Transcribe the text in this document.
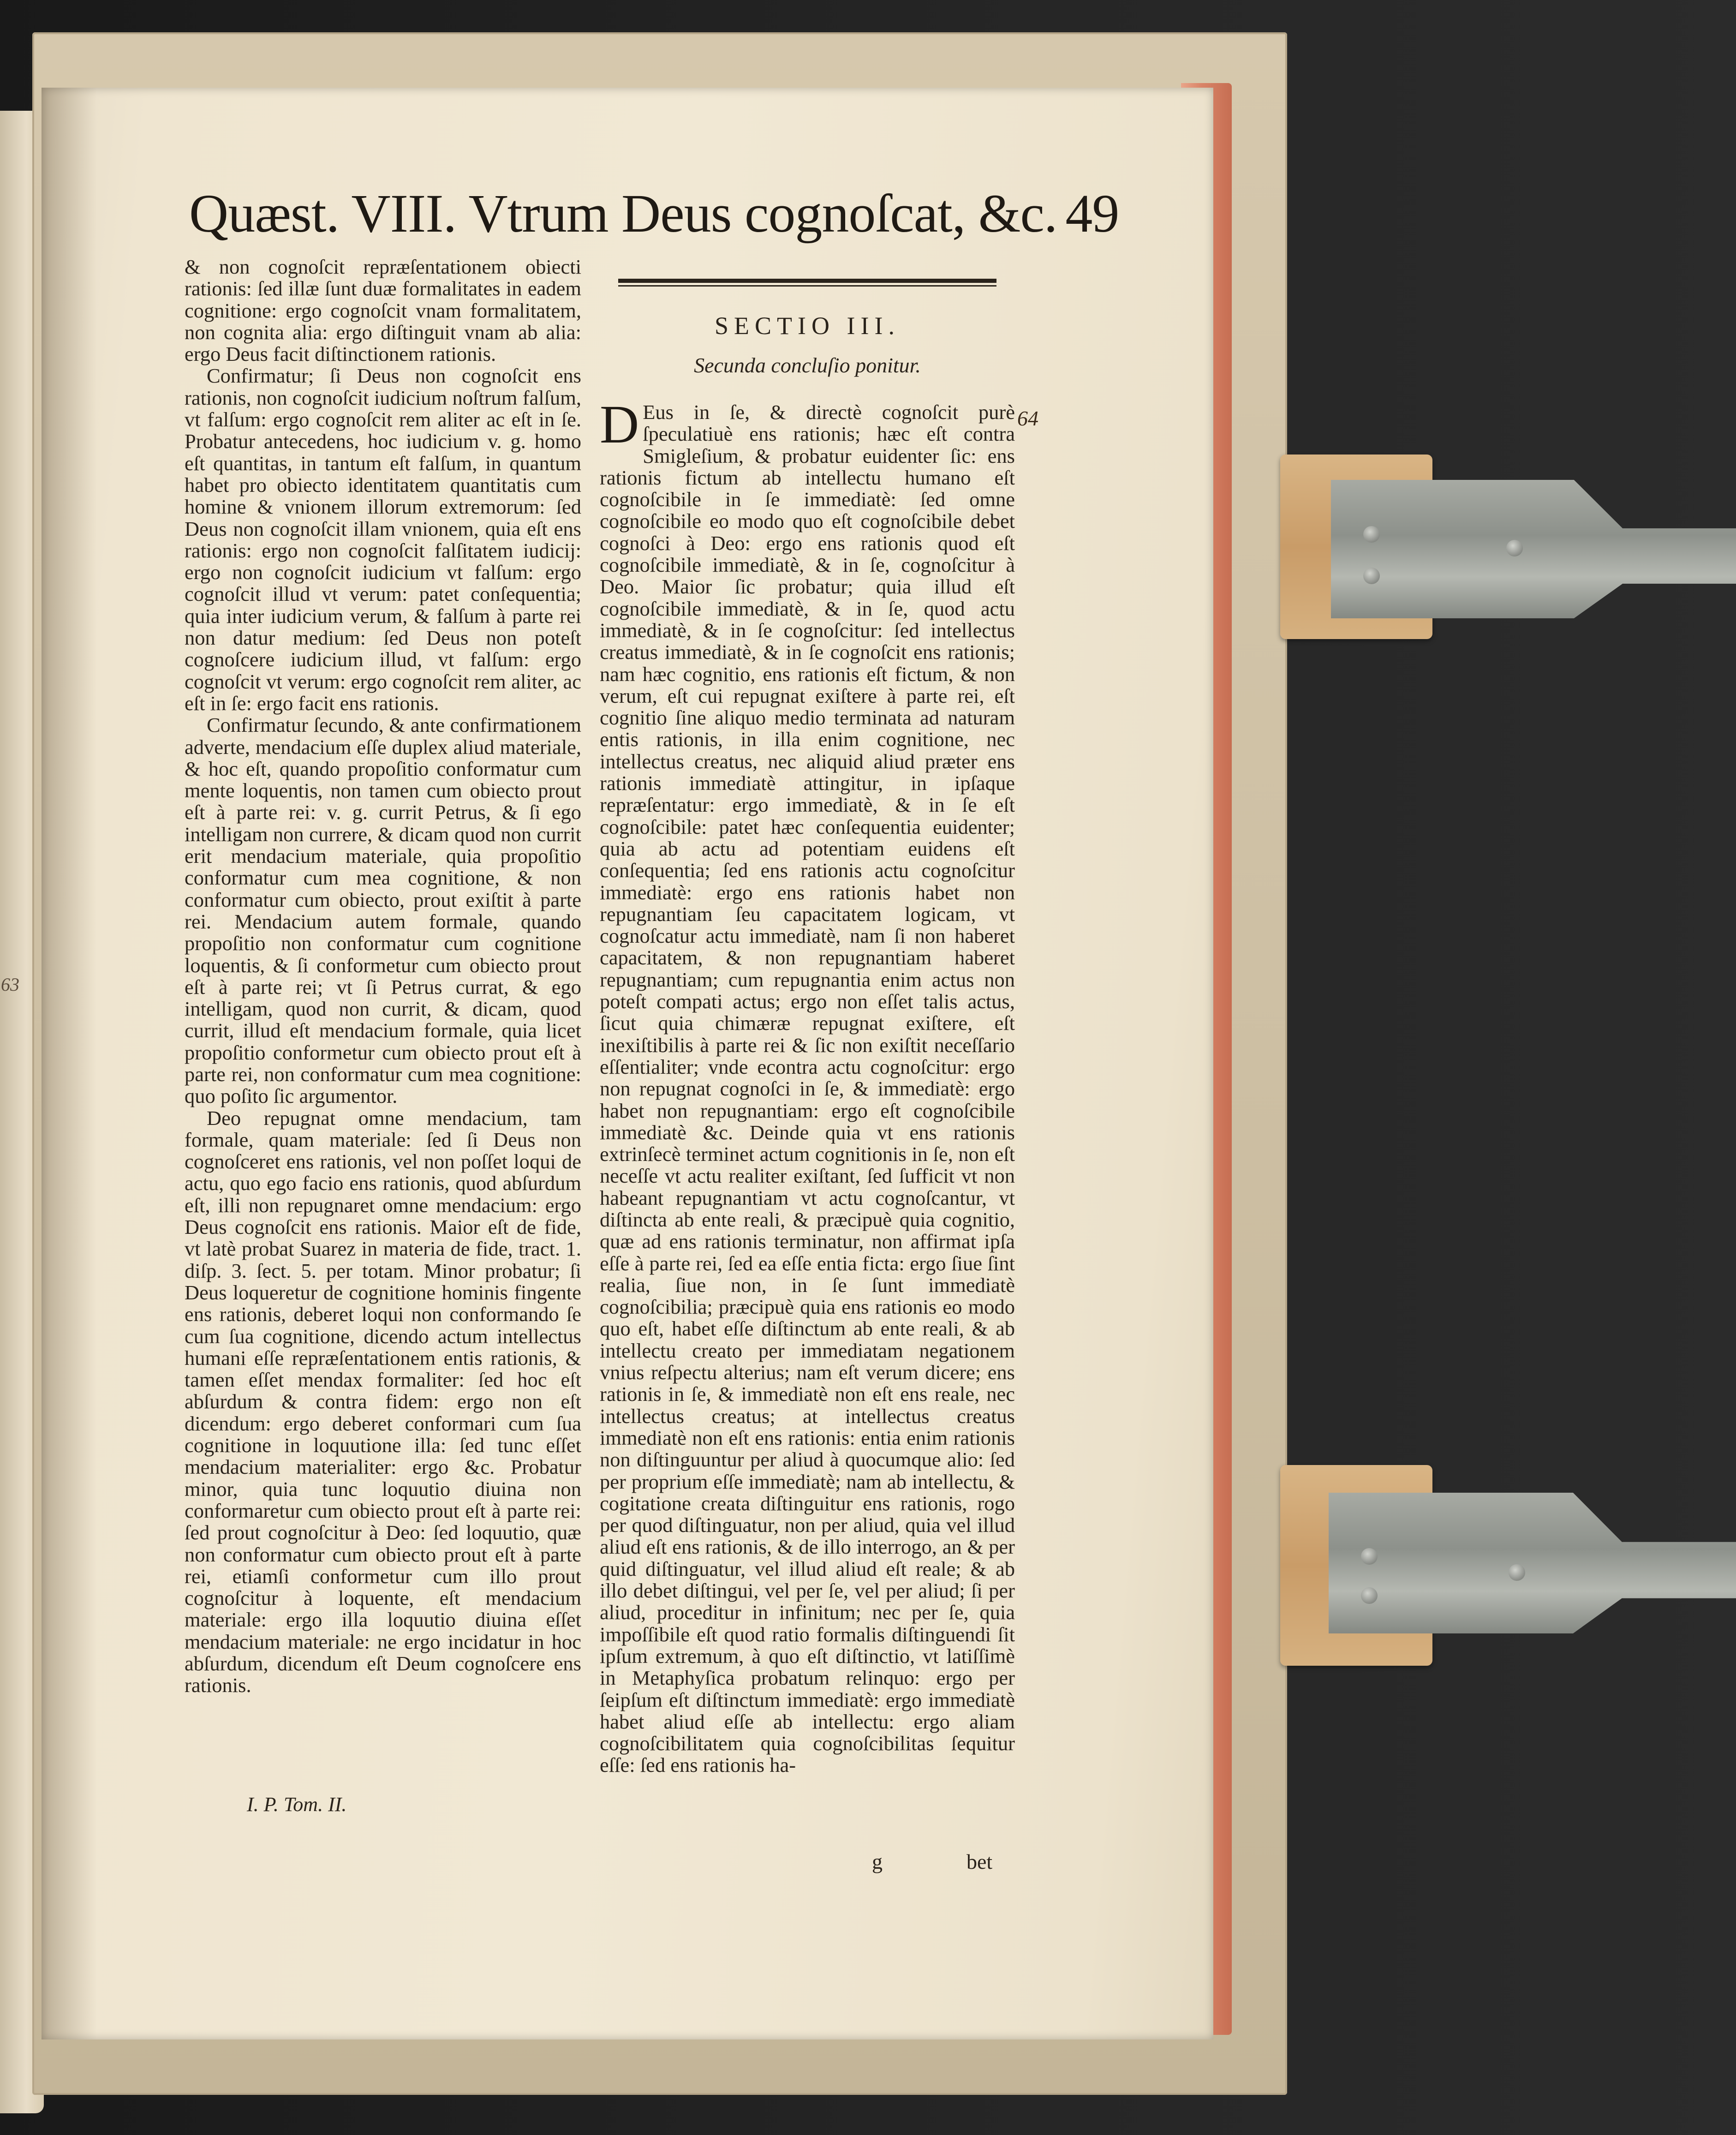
63
Quæst. VIII. Vtrum Deus cognoſcat, &c. 49

& non cognoſcit repræſentationem obiecti rationis: ſed illæ ſunt duæ formalitates in eadem cognitione: ergo cognoſcit vnam formalitatem, non cognita alia: ergo diſtinguit vnam ab alia: ergo Deus facit diſtinctionem rationis.

Confirmatur; ſi Deus non cognoſcit ens rationis, non cognoſcit iudicium noſtrum falſum, vt falſum: ergo cognoſcit rem aliter ac eſt in ſe. Probatur antecedens, hoc iudicium v. g. homo eſt quantitas, in tantum eſt falſum, in quantum habet pro obiecto identitatem quantitatis cum homine & vnionem illorum extremorum: ſed Deus non cognoſcit illam vnionem, quia eſt ens rationis: ergo non cognoſcit falſitatem iudicij: ergo non cognoſcit iudicium vt falſum: ergo cognoſcit illud vt verum: patet conſequentia; quia inter iudicium verum, & falſum à parte rei non datur medium: ſed Deus non poteſt cognoſcere iudicium illud, vt falſum: ergo cognoſcit vt verum: ergo cognoſcit rem aliter, ac eſt in ſe: ergo facit ens rationis.

Confirmatur ſecundo, & ante confirmationem adverte, mendacium eſſe duplex aliud materiale, & hoc eſt, quando propoſitio conformatur cum mente loquentis, non tamen cum obiecto prout eſt à parte rei: v. g. currit Petrus, & ſi ego intelligam non currere, & dicam quod non currit erit mendacium materiale, quia propoſitio conformatur cum mea cognitione, & non conformatur cum obiecto, prout exiſtit à parte rei. Mendacium autem formale, quando propoſitio non conformatur cum cognitione loquentis, & ſi conformetur cum obiecto prout eſt à parte rei; vt ſi Petrus currat, & ego intelligam, quod non currit, & dicam, quod currit, illud eſt mendacium formale, quia licet propoſitio conformetur cum obiecto prout eſt à parte rei, non conformatur cum mea cognitione: quo poſito ſic argumentor.

Deo repugnat omne mendacium, tam formale, quam materiale: ſed ſi Deus non cognoſceret ens rationis, vel non poſſet loqui de actu, quo ego facio ens rationis, quod abſurdum eſt, illi non repugnaret omne mendacium: ergo Deus cognoſcit ens rationis. Maior eſt de fide, vt latè probat Suarez in materia de fide, tract. 1. diſp. 3. ſect. 5. per totam. Minor probatur; ſi Deus loqueretur de cognitione hominis fingente ens rationis, deberet loqui non conformando ſe cum ſua cognitione, dicendo actum intellectus humani eſſe repræſentationem entis rationis, & tamen eſſet mendax formaliter: ſed hoc eſt abſurdum & contra fidem: ergo non eſt dicendum: ergo deberet conformari cum ſua cognitione in loquutione illa: ſed tunc eſſet mendacium materialiter: ergo &c. Probatur minor, quia tunc loquutio diuina non conformaretur cum obiecto prout eſt à parte rei: ſed prout cognoſcitur à Deo: ſed loquutio, quæ non conformatur cum obiecto prout eſt à parte rei, etiamſi conformetur cum illo prout cognoſcitur à loquente, eſt mendacium materiale: ergo illa loquutio diuina eſſet mendacium materiale: ne ergo incidatur in hoc abſurdum, dicendum eſt Deum cognoſcere ens rationis.

SECTIO III.
Secunda concluſio ponitur.

D Eus in ſe, & directè cognoſcit purè ſpeculatiuè ens rationis; hæc eſt contra Smigleſium, & probatur euidenter ſic: ens rationis fictum ab intellectu humano eſt cognoſcibile in ſe immediatè: ſed omne cognoſcibile eo modo quo eſt cognoſcibile debet cognoſci à Deo: ergo ens rationis quod eſt cognoſcibile immediatè, & in ſe, cognoſcitur à Deo. Maior ſic probatur; quia illud eſt cognoſcibile immediatè, & in ſe, quod actu immediatè, & in ſe cognoſcitur: ſed intellectus creatus immediatè, & in ſe cognoſcit ens rationis; nam hæc cognitio, ens rationis eſt fictum, & non verum, eſt cui repugnat exiſtere à parte rei, eſt cognitio ſine aliquo medio terminata ad naturam entis rationis, in illa enim cognitione, nec intellectus creatus, nec aliquid aliud præter ens rationis immediatè attingitur, in ipſaque repræſentatur: ergo immediatè, & in ſe eſt cognoſcibile: patet hæc conſequentia euidenter; quia ab actu ad potentiam euidens eſt conſequentia; ſed ens rationis actu cognoſcitur immediatè: ergo ens rationis habet non repugnantiam ſeu capacitatem logicam, vt cognoſcatur actu immediatè, nam ſi non haberet capacitatem, & non repugnantiam haberet repugnantiam; cum repugnantia enim actus non poteſt compati actus; ergo non eſſet talis actus, ſicut quia chimæræ repugnat exiſtere, eſt inexiſtibilis à parte rei & ſic non exiſtit neceſſario eſſentialiter; vnde econtra actu cognoſcitur: ergo non repugnat cognoſci in ſe, & immediatè: ergo habet non repugnantiam: ergo eſt cognoſcibile immediatè &c. Deinde quia vt ens rationis extrinſecè terminet actum cognitionis in ſe, non eſt neceſſe vt actu realiter exiſtant, ſed ſufficit vt non habeant repugnantiam vt actu cognoſcantur, vt diſtincta ab ente reali, & præcipuè quia cognitio, quæ ad ens rationis terminatur, non affirmat ipſa eſſe à parte rei, ſed ea eſſe entia ficta: ergo ſiue ſint realia, ſiue non, in ſe ſunt immediatè cognoſcibilia; præcipuè quia ens rationis eo modo quo eſt, habet eſſe diſtinctum ab ente reali, & ab intellectu creato per immediatam negationem vnius reſpectu alterius; nam eſt verum dicere; ens rationis in ſe, & immediatè non eſt ens reale, nec intellectus creatus; at intellectus creatus immediatè non eſt ens rationis: entia enim rationis non diſtinguuntur per aliud à quocumque alio: ſed per proprium eſſe immediatè; nam ab intellectu, & cogitatione creata diſtinguitur ens rationis, rogo per quod diſtinguatur, non per aliud, quia vel illud aliud eſt ens rationis, & de illo interrogo, an & per quid diſtinguatur, vel illud aliud eſt reale; & ab illo debet diſtingui, vel per ſe, vel per aliud; ſi per aliud, proceditur in infinitum; nec per ſe, quia impoſſibile eſt quod ratio formalis diſtinguendi ſit ipſum extremum, à quo eſt diſtinctio, vt latiſſimè in Metaphyſica probatum relinquo: ergo per ſeipſum eſt diſtinctum immediatè: ergo immediatè habet aliud eſſe ab intellectu: ergo aliam cognoſcibilitatem quia cognoſcibilitas ſequitur eſſe: ſed ens rationis ha-

64
I. P. Tom. II.
g	bet
